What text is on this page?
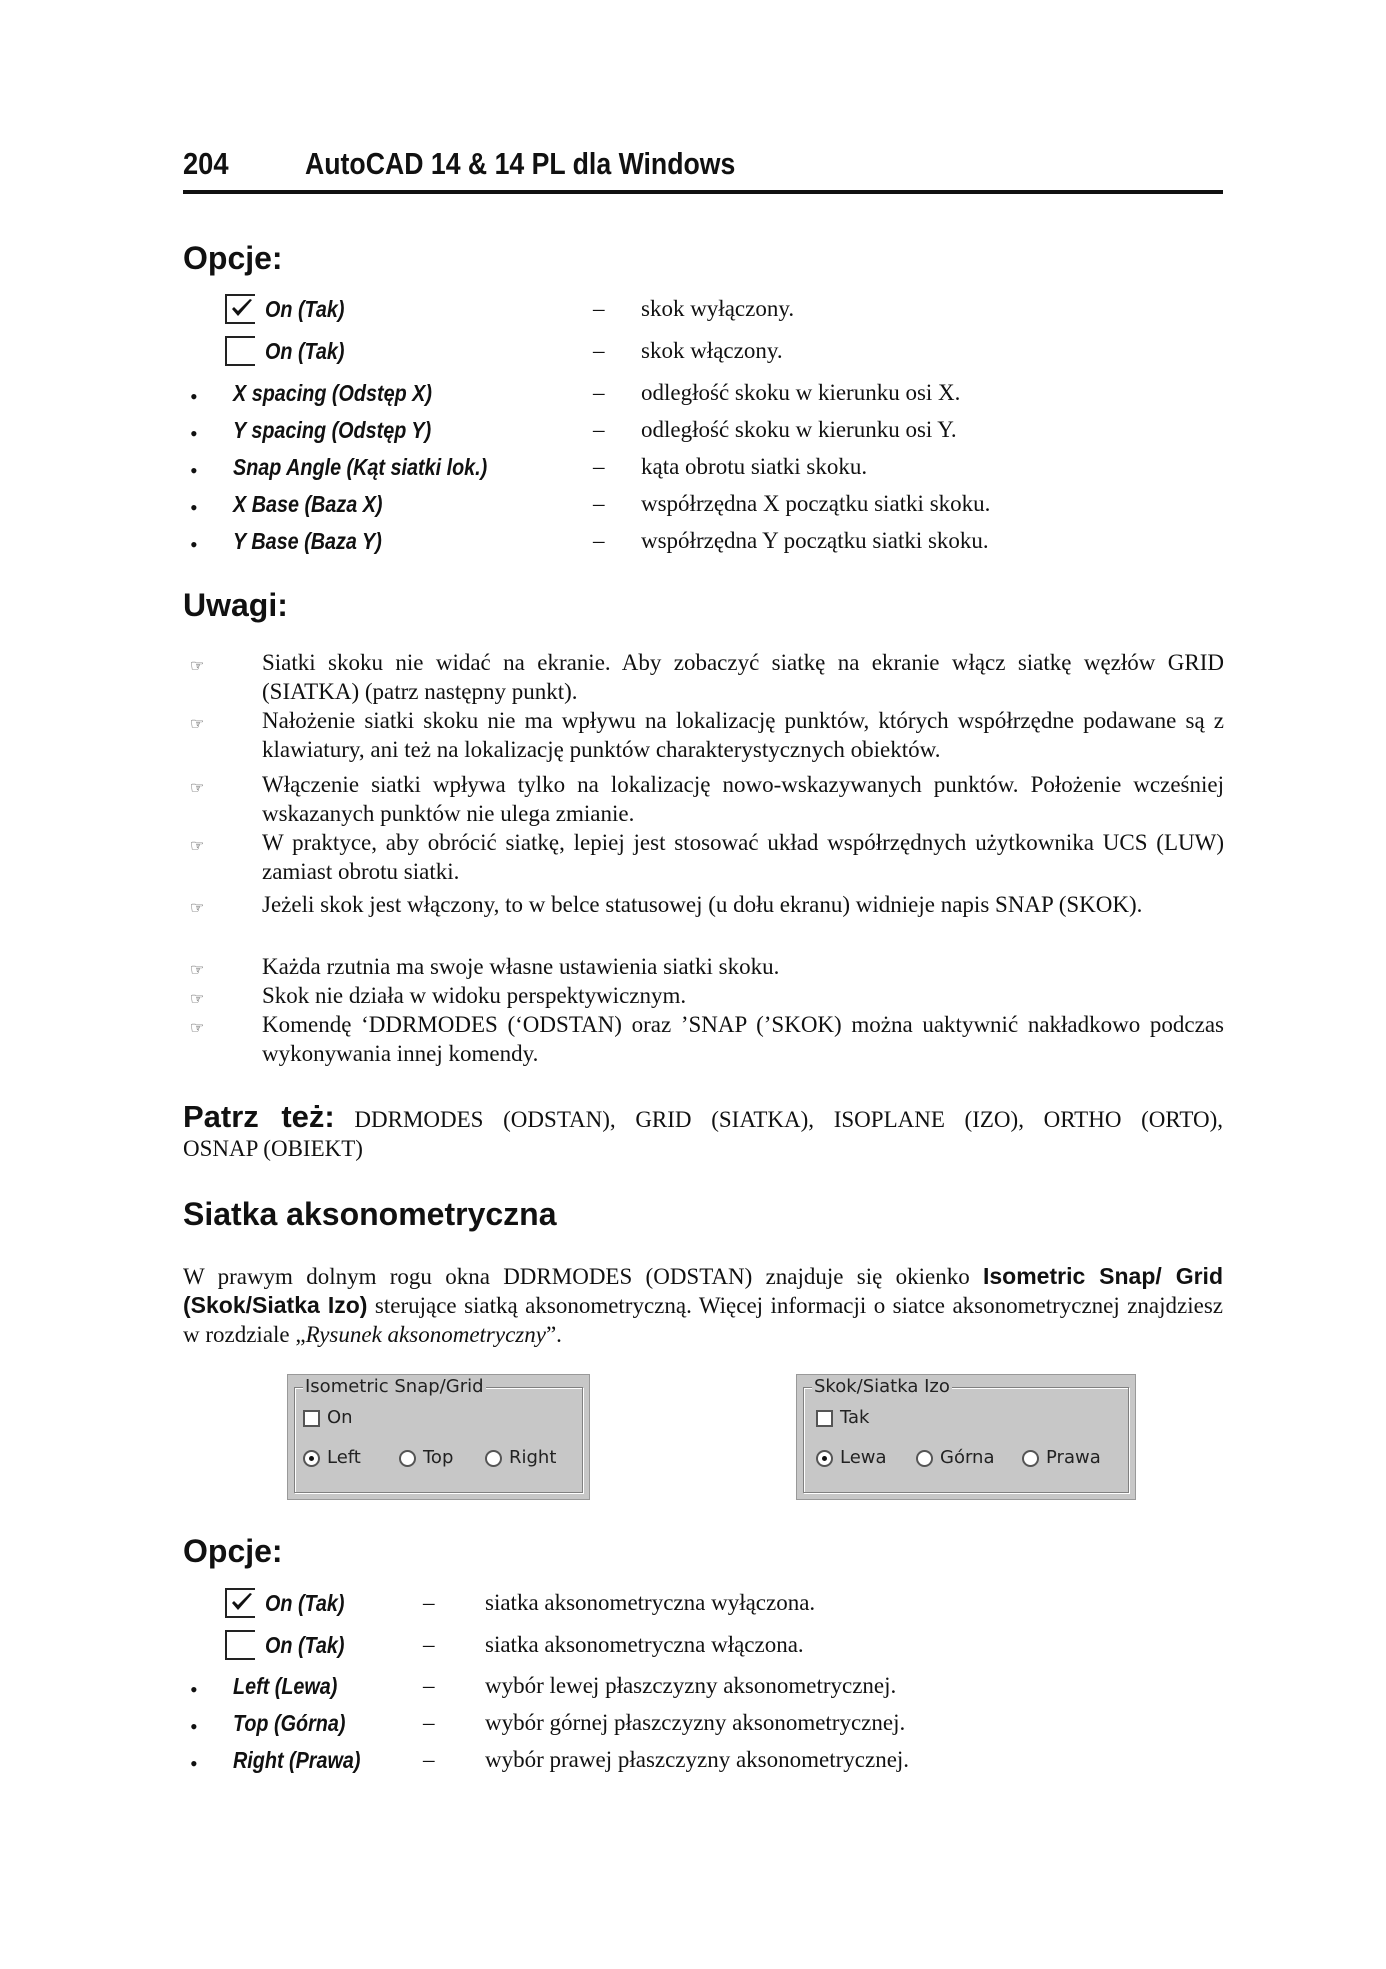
204 AutoCAD 14 & 14 PL dla Windows
Opcje:
On (Tak)	– skok wyłączony.
On (Tak)	– skok włączony.
• X spacing (Odstęp X)	– odległość skoku w kierunku osi X.
• Y spacing (Odstęp Y)	– odległość skoku w kierunku osi Y.
• Snap Angle (Kąt siatki lok.)	– kąta obrotu siatki skoku.
• X Base (Baza X)	– współrzędna X początku siatki skoku.
• Y Base (Baza Y)	– współrzędna Y początku siatki skoku.
Uwagi:
☞	Siatki skoku nie widać na ekranie. Aby zobaczyć siatkę na ekranie włącz siatkę węzłów GRID (SIATKA) (patrz następny punkt).
☞	Nałożenie siatki skoku nie ma wpływu na lokalizację punktów, których współrzędne podawane są z klawiatury, ani też na lokalizację punktów charakterystycznych obiektów.
☞	Włączenie siatki wpływa tylko na lokalizację nowo-wskazywanych punktów. Położenie wcześniej wskazanych punktów nie ulega zmianie.
☞	W praktyce, aby obrócić siatkę, lepiej jest stosować układ współrzędnych użytkownika UCS (LUW) zamiast obrotu siatki.
☞	Jeżeli skok jest włączony, to w belce statusowej (u dołu ekranu) widnieje napis SNAP (SKOK).
☞	Każda rzutnia ma swoje własne ustawienia siatki skoku.
☞	Skok nie działa w widoku perspektywicznym.
☞	Komendę ‘DDRMODES (‘ODSTAN) oraz ’SNAP (’SKOK) można uaktywnić nakładkowo podczas wykonywania innej komendy.
Patrz też: DDRMODES (ODSTAN), GRID (SIATKA), ISOPLANE (IZO), ORTHO (ORTO),
OSNAP (OBIEKT)
Siatka aksonometryczna
W prawym dolnym rogu okna DDRMODES (ODSTAN) znajduje się okienko Isometric Snap/ Grid (Skok/Siatka Izo) sterujące siatką aksonometryczną. Więcej informacji o siatce aksonometrycznej znajdziesz w rozdziale „Rysunek aksonometryczny”.
Isometric Snap/Grid
On
Left	Top	Right
Skok/Siatka Izo
Tak
Lewa	Górna	Prawa
Opcje:
On (Tak)	– siatka aksonometryczna wyłączona.
On (Tak)	– siatka aksonometryczna włączona.
• Left (Lewa)	– wybór lewej płaszczyzny aksonometrycznej.
• Top (Górna)	– wybór górnej płaszczyzny aksonometrycznej.
• Right (Prawa)	– wybór prawej płaszczyzny aksonometrycznej.
